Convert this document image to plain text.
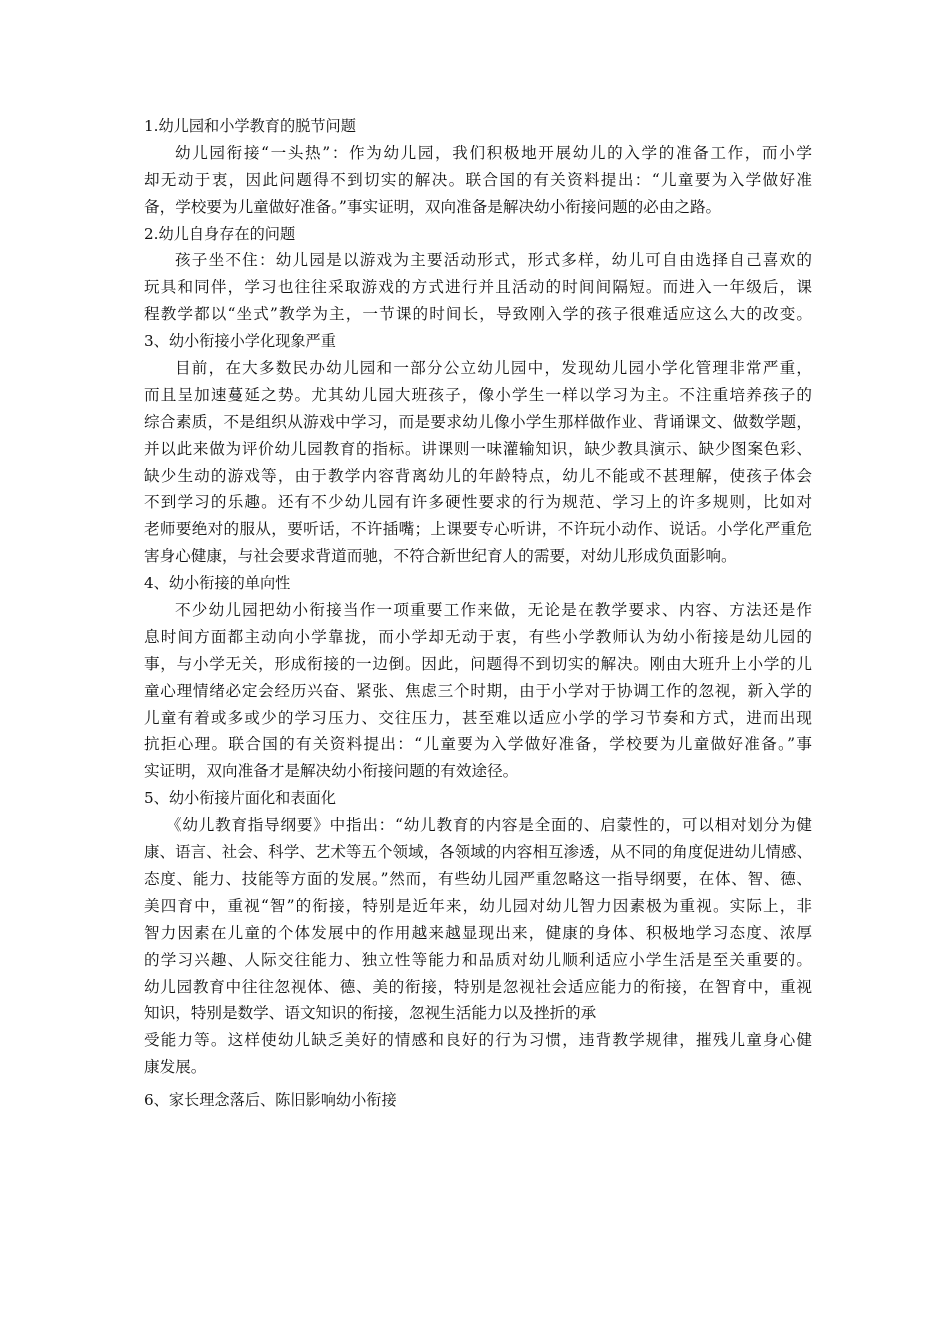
1.幼儿园和小学教育的脱节问题
幼儿园衔接“一头热”：作为幼儿园，我们积极地开展幼儿的入学的准备工作，而小学
却无动于衷，因此问题得不到切实的解决。联合国的有关资料提出：“儿童要为入学做好准
备，学校要为儿童做好准备。”事实证明，双向准备是解决幼小衔接问题的必由之路。
2.幼儿自身存在的问题
孩子坐不住：幼儿园是以游戏为主要活动形式，形式多样，幼儿可自由选择自己喜欢的
玩具和同伴，学习也往往采取游戏的方式进行并且活动的时间间隔短。而进入一年级后，课
程教学都以“坐式”教学为主，一节课的时间长，导致刚入学的孩子很难适应这么大的改变。
3、幼小衔接小学化现象严重
目前，在大多数民办幼儿园和一部分公立幼儿园中，发现幼儿园小学化管理非常严重，
而且呈加速蔓延之势。尤其幼儿园大班孩子，像小学生一样以学习为主。不注重培养孩子的
综合素质，不是组织从游戏中学习，而是要求幼儿像小学生那样做作业、背诵课文、做数学题，
并以此来做为评价幼儿园教育的指标。讲课则一味灌输知识，缺少教具演示、缺少图案色彩、
缺少生动的游戏等，由于教学内容背离幼儿的年龄特点，幼儿不能或不甚理解，使孩子体会
不到学习的乐趣。还有不少幼儿园有许多硬性要求的行为规范、学习上的许多规则，比如对
老师要绝对的服从，要听话，不许插嘴；上课要专心听讲，不许玩小动作、说话。小学化严重危
害身心健康，与社会要求背道而驰，不符合新世纪育人的需要，对幼儿形成负面影响。
4、幼小衔接的单向性
不少幼儿园把幼小衔接当作一项重要工作来做，无论是在教学要求、内容、方法还是作
息时间方面都主动向小学靠拢，而小学却无动于衷，有些小学教师认为幼小衔接是幼儿园的
事，与小学无关，形成衔接的一边倒。因此，问题得不到切实的解决。刚由大班升上小学的儿
童心理情绪必定会经历兴奋、紧张、焦虑三个时期，由于小学对于协调工作的忽视，新入学的
儿童有着或多或少的学习压力、交往压力，甚至难以适应小学的学习节奏和方式，进而出现
抗拒心理。联合国的有关资料提出：“儿童要为入学做好准备，学校要为儿童做好准备。”事
实证明，双向准备才是解决幼小衔接问题的有效途径。
5、幼小衔接片面化和表面化
《幼儿教育指导纲要》中指出：“幼儿教育的内容是全面的、启蒙性的，可以相对划分为健
康、语言、社会、科学、艺术等五个领域，各领域的内容相互渗透，从不同的角度促进幼儿情感、
态度、能力、技能等方面的发展。”然而，有些幼儿园严重忽略这一指导纲要，在体、智、德、
美四育中，重视“智”的衔接，特别是近年来，幼儿园对幼儿智力因素极为重视。实际上，非
智力因素在儿童的个体发展中的作用越来越显现出来，健康的身体、积极地学习态度、浓厚
的学习兴趣、人际交往能力、独立性等能力和品质对幼儿顺利适应小学生活是至关重要的。
幼儿园教育中往往忽视体、德、美的衔接，特别是忽视社会适应能力的衔接，在智育中，重视
知识，特别是数学、语文知识的衔接，忽视生活能力以及挫折的承
受能力等。这样使幼儿缺乏美好的情感和良好的行为习惯，违背教学规律，摧残儿童身心健
康发展。
6、家长理念落后、陈旧影响幼小衔接
